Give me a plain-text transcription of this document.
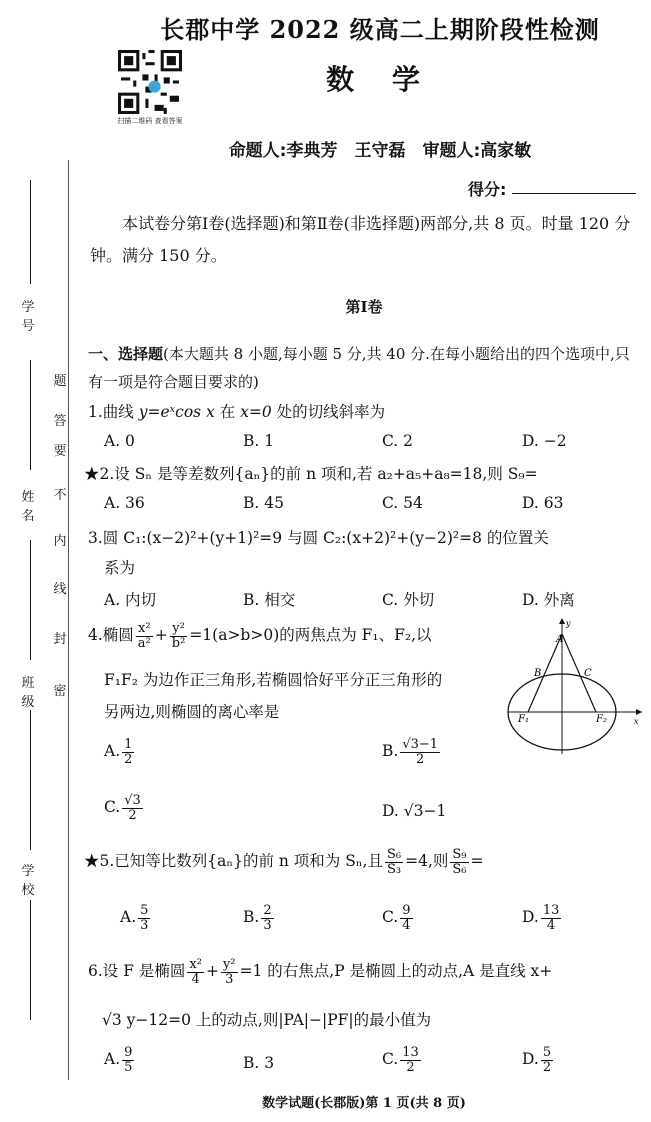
长郡中学 2022 级高二上期阶段性检测
扫描二维码 查看答案
数 学
命题人:李典芳　王守磊　审题人:高家敏
得分:
本试卷分第Ⅰ卷(选择题)和第Ⅱ卷(非选择题)两部分,共 8 页。时量 120 分钟。满分 150 分。
第Ⅰ卷
一、选择题(本大题共 8 小题,每小题 5 分,共 40 分.在每小题给出的四个选项中,只有一项是符合题目要求的)
1.曲线 y=eˣcos x 在 x=0 处的切线斜率为
A. 0	B. 1	C. 2	D. −2
★2.设 Sₙ 是等差数列{aₙ}的前 n 项和,若 a₂+a₅+a₈=18,则 S₉=
A. 36	B. 45	C. 54	D. 63
3.圆 C₁:(x−2)²+(y+1)²=9 与圆 C₂:(x+2)²+(y−2)²=8 的位置关
系为
A. 内切	B. 相交	C. 外切	D. 外离
4.椭圆 $\frac{\text{x²}}{\text{a²}} + \frac{\text{y²}}{\text{b²}} =1(a>b>0)$的两焦点为 F₁、F₂,以
F₁F₂ 为边作正三角形,若椭圆恰好平分正三角形的
另两边,则椭圆的离心率是
A
B	C
F₁	F₂	x
y
A. $\frac{1}{2}$	B. $\frac{√3-1}{2}$
C. $\frac{√3}{2}$	D. √3−1
★5.已知等比数列{aₙ}的前 n 项和为 Sₙ,且 $\frac{\text{S₆}}{\text{S₃}} =4$,则 $\frac{\text{S₉}}{\text{S₆}}$ =
A. $\frac{5}{3}$	B. $\frac{2}{3}$	C. $\frac{9}{4}$	D. $\frac{13}{4}$
6.设 F 是椭圆 $\frac{\text{x²}}{4} + \frac{\text{y²}}{3} =1$ 的右焦点,P 是椭圆上的动点,A 是直线 x+
√3 y−12=0 上的动点,则|PA|−|PF|的最小值为
A. $\frac{9}{5}$	B. 3	C. $\frac{13}{2}$	D. $\frac{5}{2}$
学 号
姓 名
班 级
学 校
密
封
线
内
不
要
答
题
数学试题(长郡版)第 1 页(共 8 页)
